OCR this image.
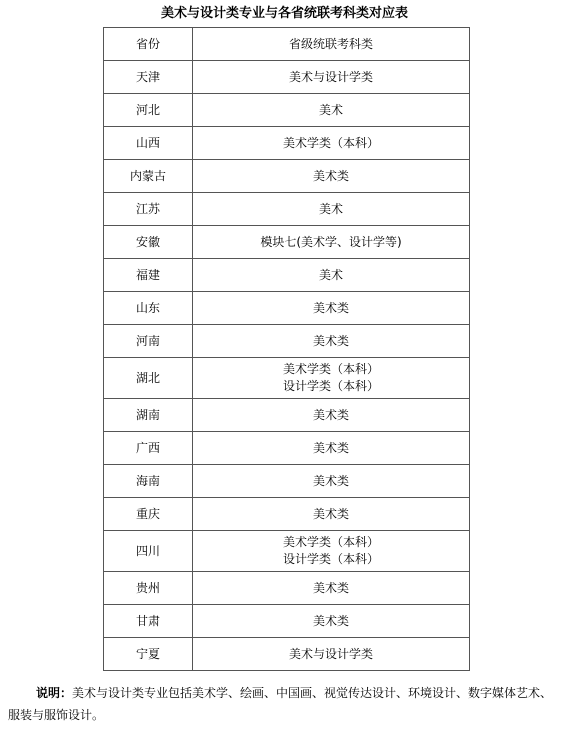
美术与设计类专业与各省统联考科类对应表
省份	省级统联考科类
天津	美术与设计学类

河北	美术

山西	美术学类（本科）

内蒙古	美术类

江苏	美术

安徽	模块七(美术学、设计学等)

福建	美术

山东	美术类

河南	美术类

湖北	美术学类（本科）
设计学类（本科）

湖南	美术类

广西	美术类

海南	美术类

重庆	美术类

四川	美术学类（本科）
设计学类（本科）

贵州	美术类

甘肃	美术类

宁夏	美术与设计学类
说明：美术与设计类专业包括美术学、绘画、中国画、视觉传达设计、环境设计、数字媒体艺术、服装与服饰设计。
